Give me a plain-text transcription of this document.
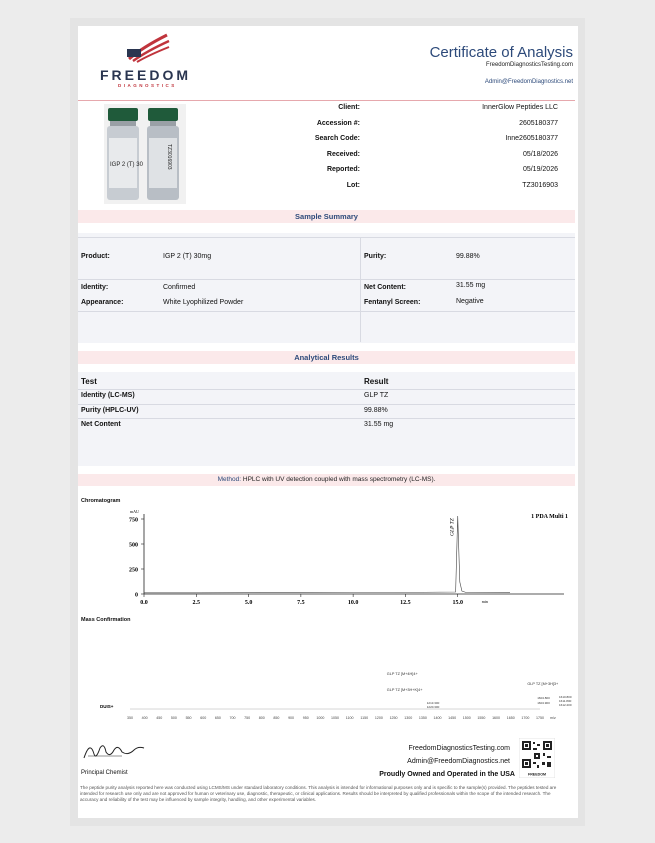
FREEDOM
DIAGNOSTICS
Certificate of Analysis
FreedomDiagnosticsTesting.com
Admin@FreedomDiagnostics.net
IGP 2 (T) 30	TZ3016903
Client:	InnerGlow Peptides LLC
Accession #:	2605180377
Search Code:	Inne2605180377
Received:	05/18/2026
Reported:	05/19/2026
Lot:	TZ3016903
Sample Summary
Product:	IGP 2 (T) 30mg
Identity:	Confirmed
Appearance:	White Lyophilized Powder
Purity:	99.88%
Net Content:	31.55 mg
Fentanyl Screen:	Negative
Analytical Results
Test	Result
Identity (LC-MS)	GLP TZ
Purity (HPLC-UV)	99.88%
Net Content	31.55 mg
Method: HPLC with UV detection coupled with mass spectrometry (LC-MS).
Chromatogram
0
250
500
750
0.0	2.5	5.0	7.5	10.0	12.5	15.0
mAU
min
1 PDA Multi 1
GLP TZ
Mass Confirmation
350 400 450 500 550 600 650 700 750 800 850 900 950 1000 1050 1100 1150 1200 1250 1300 1350 1400 1450 1500 1550 1600 1650 1700 1750 m/z
DUIS+
GLP TZ [M+4H]4+
GLP TZ [M+3H+K]4+
GLP TZ [M+3H]3+
1213.300
1220.300
1604.800
1604.900
1610.800
1611.800
1612.200
Principal Chemist
FreedomDiagnosticsTesting.com
Admin@FreedomDiagnostics.net
Proudly Owned and Operated in the USA	FREEDOM
The peptide purity analysis reported here was conducted using LCMS/MS under standard laboratory conditions. This analysis is intended for informational purposes only and is specific to the sample(s) provided. The peptides tested are intended for research use only and are not approved for human or veterinary use, diagnostic, therapeutic, or clinical applications. Results should be interpreted by qualified professionals within the scope of the intended research. The accuracy and reliability of the test may be influenced by sample integrity, handling, and other experimental variables.
